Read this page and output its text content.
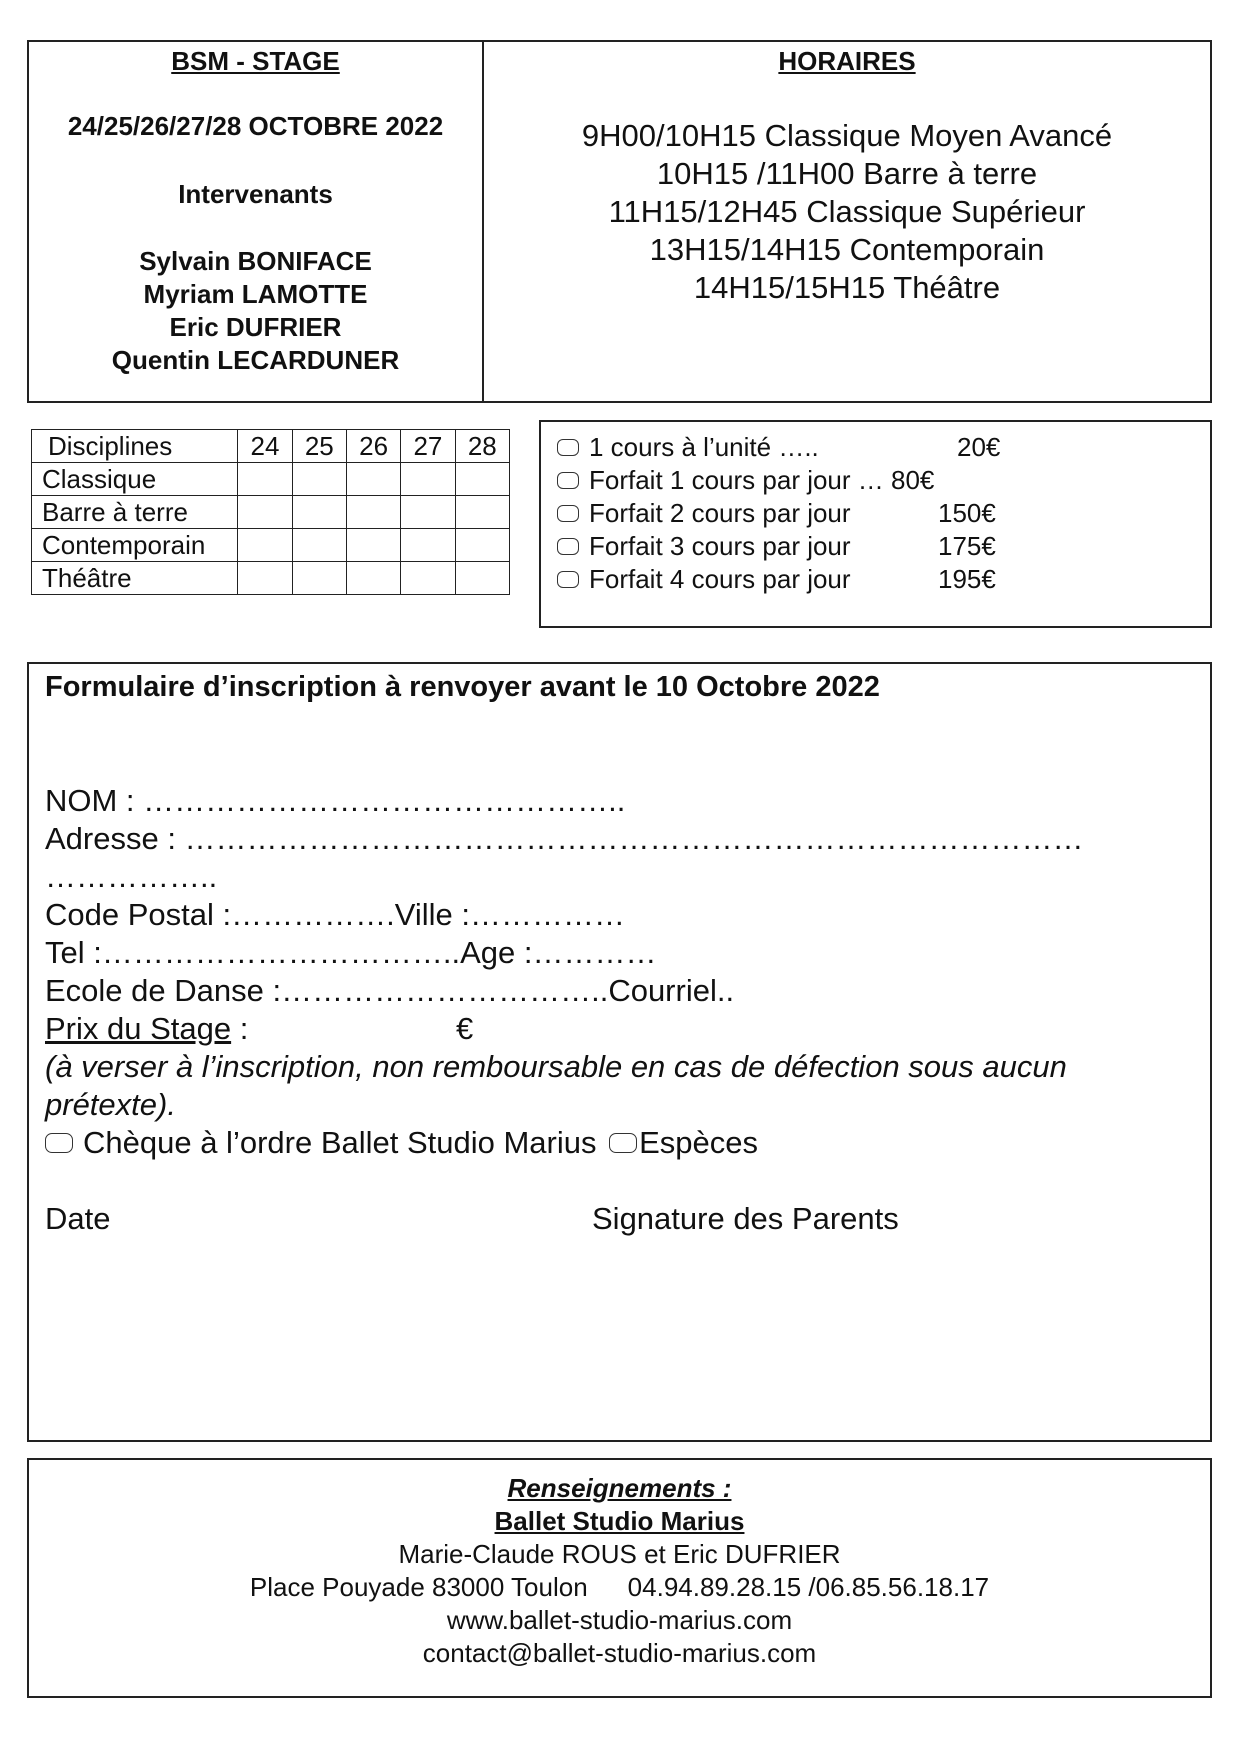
BSM - STAGE
24/25/26/27/28 OCTOBRE 2022
Intervenants
Sylvain BONIFACE
Myriam LAMOTTE
Eric DUFRIER
Quentin LECARDUNER
HORAIRES
9H00/10H15 Classique Moyen Avancé
10H15 /11H00 Barre à terre
11H15/12H45 Classique Supérieur
13H15/14H15 Contemporain
14H15/15H15 Théâtre
Disciplines	24	25	26	27	28
Classique					
Barre à terre					
Contemporain					
Théâtre					
1 cours à l’unité …..	20€
Forfait 1 cours par jour … 80€
Forfait 2 cours par jour	150€
Forfait 3 cours par jour	175€
Forfait 4 cours par jour	195€
Formulaire d’inscription à renvoyer avant le 10 Octobre 2022
NOM : ………………………………………..
Adresse : ……………………………………………………………………………
……………..
Code Postal :…………….Ville :……………
Tel :……………………………..Age :…………
Ecole de Danse :…………………………..Courriel..
Prix du Stage :	€
(à verser à l’inscription, non remboursable en cas de défection sous aucun
prétexte).
Chèque à l’ordre Ballet Studio Marius Espèces
Date	Signature des Parents
Renseignements :
Ballet Studio Marius
Marie-Claude ROUS et Eric DUFRIER
Place Pouyade 83000 Toulon 04.94.89.28.15 /06.85.56.18.17
www.ballet-studio-marius.com
contact@ballet-studio-marius.com
